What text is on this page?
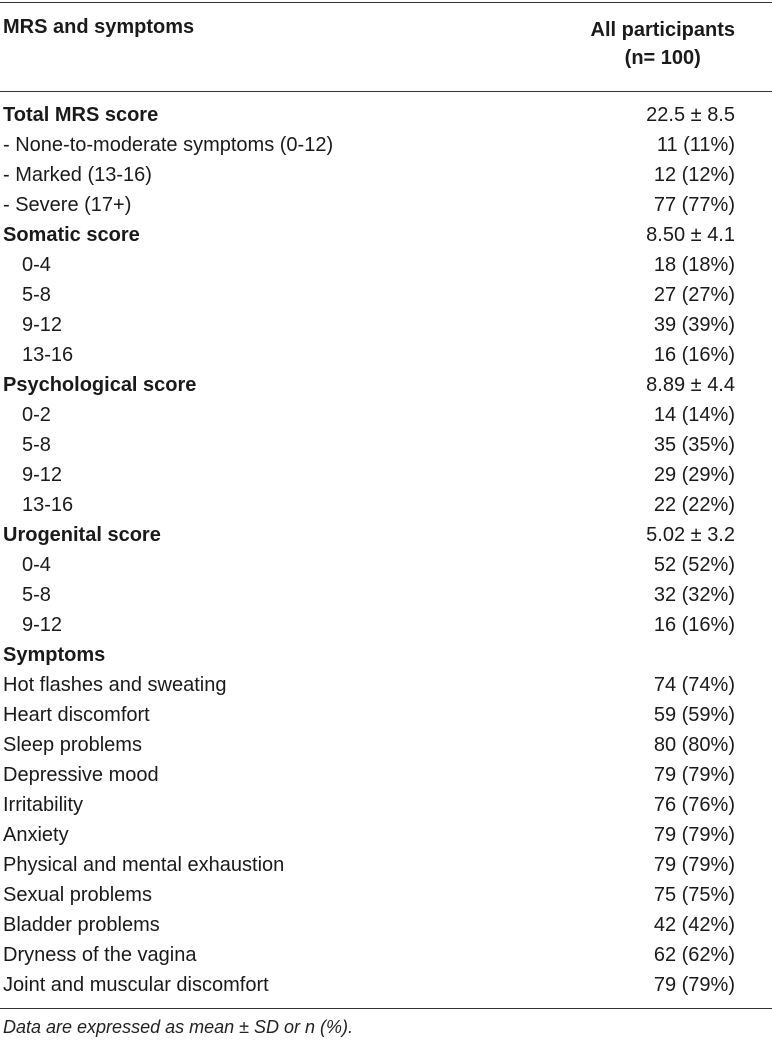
MRS and symptoms	All participants
(n= 100)
Total MRS score	22.5 ± 8.5
- None-to-moderate symptoms (0-12)	11 (11%)
- Marked (13-16)	12 (12%)
- Severe (17+)	77 (77%)
Somatic score	8.50 ± 4.1
0-4	18 (18%)
5-8	27 (27%)
9-12	39 (39%)
13-16	16 (16%)
Psychological score	8.89 ± 4.4
0-2	14 (14%)
5-8	35 (35%)
9-12	29 (29%)
13-16	22 (22%)
Urogenital score	5.02 ± 3.2
0-4	52 (52%)
5-8	32 (32%)
9-12	16 (16%)
Symptoms
Hot flashes and sweating	74 (74%)
Heart discomfort	59 (59%)
Sleep problems	80 (80%)
Depressive mood	79 (79%)
Irritability	76 (76%)
Anxiety	79 (79%)
Physical and mental exhaustion	79 (79%)
Sexual problems	75 (75%)
Bladder problems	42 (42%)
Dryness of the vagina	62 (62%)
Joint and muscular discomfort	79 (79%)
Data are expressed as mean ± SD or n (%).
